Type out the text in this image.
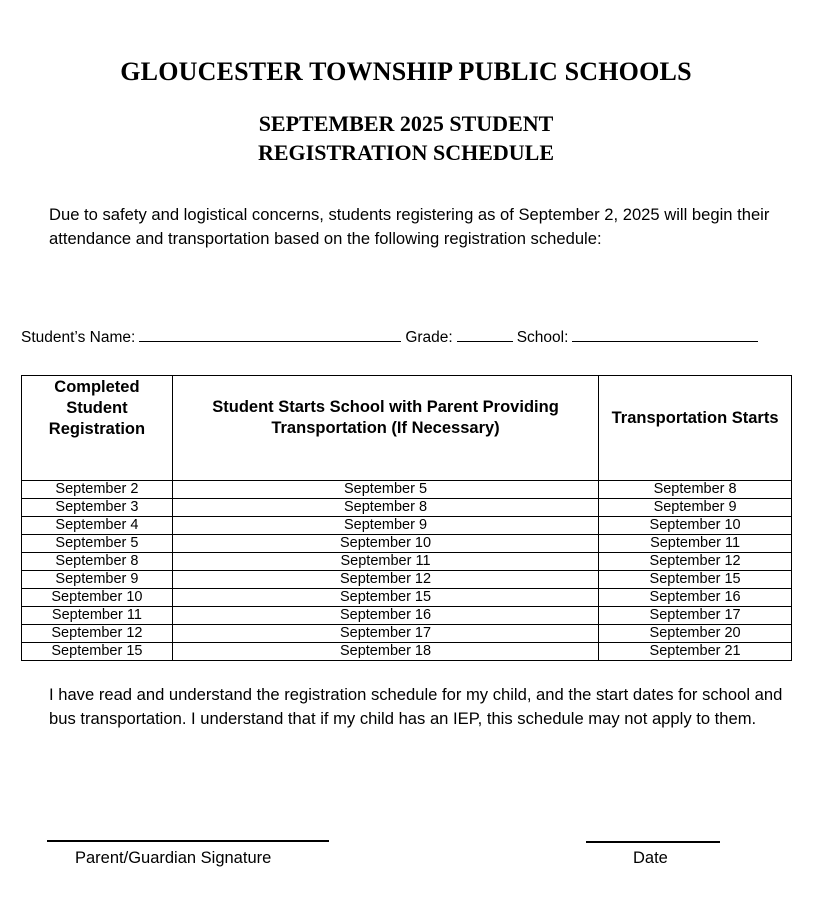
GLOUCESTER TOWNSHIP PUBLIC SCHOOLS
SEPTEMBER 2025 STUDENT
REGISTRATION SCHEDULE

Due to safety and logistical concerns, students registering as of September 2, 2025 will begin their attendance and transportation based on the following registration schedule:

Student’s Name:	Grade:	School:
Completed Student Registration	Student Starts School with Parent Providing Transportation (If Necessary)	Transportation Starts
September 2	September 5	September 8
September 3	September 8	September 9
September 4	September 9	September 10
September 5	September 10	September 11
September 8	September 11	September 12
September 9	September 12	September 15
September 10	September 15	September 16
September 11	September 16	September 17
September 12	September 17	September 20
September 15	September 18	September 21

I have read and understand the registration schedule for my child, and the start dates for school and bus transportation. I understand that if my child has an IEP, this schedule may not apply to them.

Parent/Guardian Signature	Date
